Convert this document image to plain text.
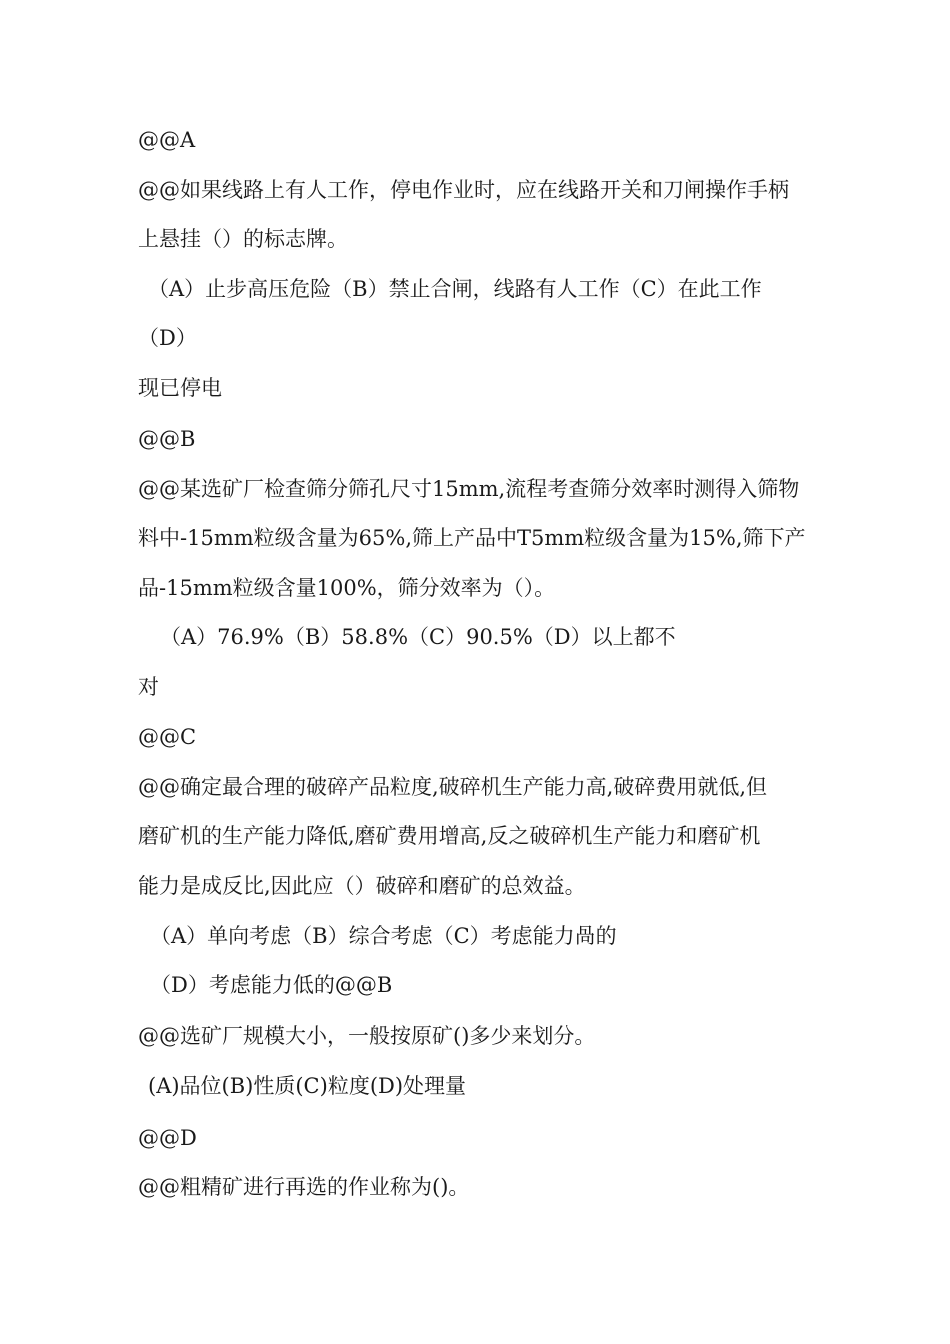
@@A
@@如果线路上有人工作，停电作业时，应在线路开关和刀闸操作手柄
上悬挂（）的标志牌。
（A）止步高压危险（B）禁止合闸，线路有人工作（C）在此工作
（D）
现已停电
@@B
@@某选矿厂检查筛分筛孔尺寸15mm,流程考查筛分效率时测得入筛物
料中-15mm粒级含量为65%,筛上产品中T5mm粒级含量为15%,筛下产
品-15mm粒级含量100%，筛分效率为（）。
（A）76.9%（B）58.8%（C）90.5%（D）以上都不
对
@@C
@@确定最合理的破碎产品粒度,破碎机生产能力高,破碎费用就低,但
磨矿机的生产能力降低,磨矿费用增高,反之破碎机生产能力和磨矿机
能力是成反比,因此应（）破碎和磨矿的总效益。
（A）单向考虑（B）综合考虑（C）考虑能力咼的
（D）考虑能力低的@@B
@@选矿厂规模大小，一般按原矿()多少来划分。
(A)品位(B)性质(C)粒度(D)处理量
@@D
@@粗精矿进行再选的作业称为()。
